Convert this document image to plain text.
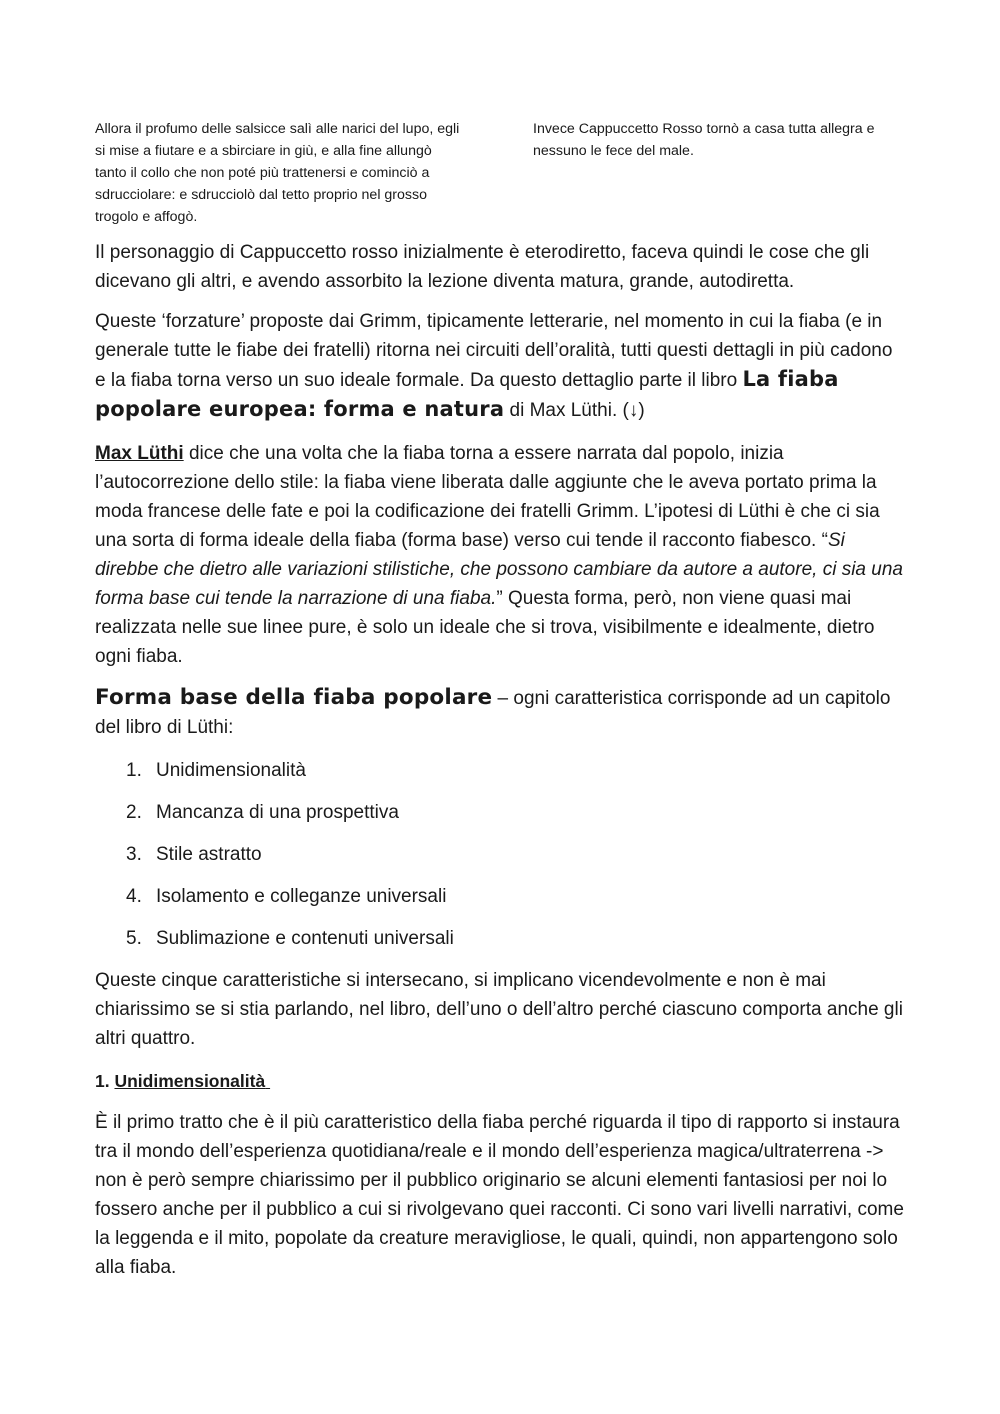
Allora il profumo delle salsicce salì alle narici del lupo, egli si mise a fiutare e a sbirciare in giù, e alla fine allungò tanto il collo che non poté più trattenersi e cominciò a sdrucciolare: e sdrucciolò dal tetto proprio nel grosso trogolo e affogò.

Invece Cappuccetto Rosso tornò a casa tutta allegra e nessuno le fece del male.

Il personaggio di Cappuccetto rosso inizialmente è eterodiretto, faceva quindi le cose che gli dicevano gli altri, e avendo assorbito la lezione diventa matura, grande, autodiretta.

Queste ‘forzature’ proposte dai Grimm, tipicamente letterarie, nel momento in cui la fiaba (e in generale tutte le fiabe dei fratelli) ritorna nei circuiti dell’oralità, tutti questi dettagli in più cadono e la fiaba torna verso un suo ideale formale. Da questo dettaglio parte il libro La fiaba popolare europea: forma e natura di Max Lüthi. (↓)

Max Lüthi dice che una volta che la fiaba torna a essere narrata dal popolo, inizia l’autocorrezione dello stile: la fiaba viene liberata dalle aggiunte che le aveva portato prima la moda francese delle fate e poi la codificazione dei fratelli Grimm. L’ipotesi di Lüthi è che ci sia una sorta di forma ideale della fiaba (forma base) verso cui tende il racconto fiabesco. “Si direbbe che dietro alle variazioni stilistiche, che possono cambiare da autore a autore, ci sia una forma base cui tende la narrazione di una fiaba.” Questa forma, però, non viene quasi mai realizzata nelle sue linee pure, è solo un ideale che si trova, visibilmente e idealmente, dietro ogni fiaba.

Forma base della fiaba popolare – ogni caratteristica corrisponde ad un capitolo del libro di Lüthi:

1. Unidimensionalità
2. Mancanza di una prospettiva
3. Stile astratto
4. Isolamento e colleganze universali
5. Sublimazione e contenuti universali

Queste cinque caratteristiche si intersecano, si implicano vicendevolmente e non è mai chiarissimo se si stia parlando, nel libro, dell’uno o dell’altro perché ciascuno comporta anche gli altri quattro.

1. Unidimensionalità

È il primo tratto che è il più caratteristico della fiaba perché riguarda il tipo di rapporto si instaura tra il mondo dell’esperienza quotidiana/reale e il mondo dell’esperienza magica/ultraterrena -> non è però sempre chiarissimo per il pubblico originario se alcuni elementi fantasiosi per noi lo fossero anche per il pubblico a cui si rivolgevano quei racconti. Ci sono vari livelli narrativi, come la leggenda e il mito, popolate da creature meravigliose, le quali, quindi, non appartengono solo alla fiaba.
